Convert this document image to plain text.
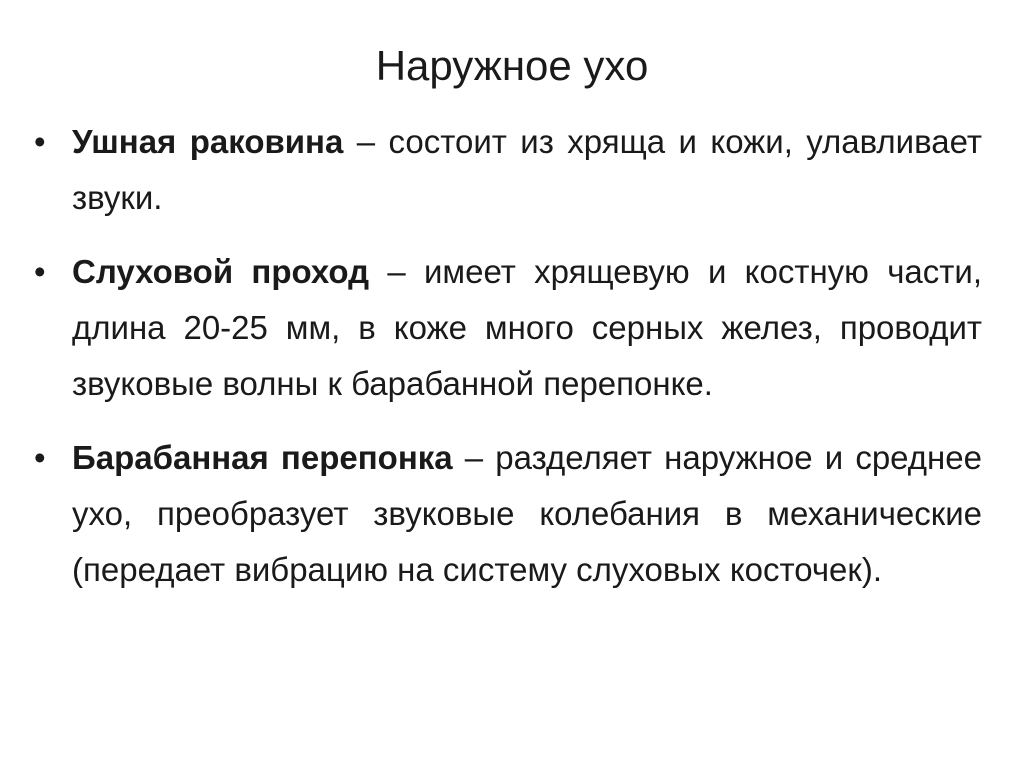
Наружное ухо
• Ушная раковина – состоит из хряща и кожи, улавливает звуки.
• Слуховой проход – имеет хрящевую и костную части, длина 20-25 мм, в коже много серных желез, проводит звуковые волны к барабанной перепонке.
• Барабанная перепонка – разделяет наружное и среднее ухо, преобразует звуковые колебания в механические (передает вибрацию на систему слуховых косточек).
